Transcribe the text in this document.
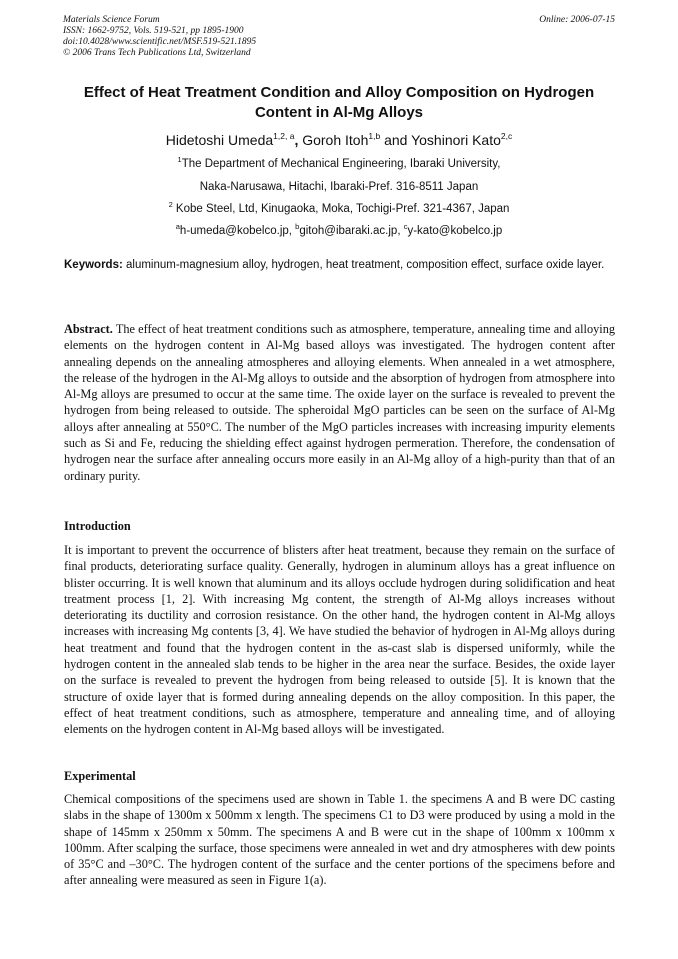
Materials Science Forum
ISSN: 1662-9752, Vols. 519-521, pp 1895-1900
doi:10.4028/www.scientific.net/MSF.519-521.1895
© 2006 Trans Tech Publications Ltd, Switzerland
Online: 2006-07-15
Effect of Heat Treatment Condition and Alloy Composition on Hydrogen Content in Al-Mg Alloys
Hidetoshi Umeda$^{1,2, a}$, Goroh Itoh$^{1,b}$ and Yoshinori Kato$^{2,c}$
$^1$The Department of Mechanical Engineering, Ibaraki University,
Naka-Narusawa, Hitachi, Ibaraki-Pref. 316-8511 Japan
$^2$ Kobe Steel, Ltd, Kinugaoka, Moka, Tochigi-Pref. 321-4367, Japan
$^a$h-umeda@kobelco.jp, $^b$gitoh@ibaraki.ac.jp, $^c$y-kato@kobelco.jp
Keywords: aluminum-magnesium alloy, hydrogen, heat treatment, composition effect, surface oxide layer.
Abstract. The effect of heat treatment conditions such as atmosphere, temperature, annealing time and alloying elements on the hydrogen content in Al-Mg based alloys was investigated. The hydrogen content after annealing depends on the annealing atmospheres and alloying elements. When annealed in a wet atmosphere, the release of the hydrogen in the Al-Mg alloys to outside and the absorption of hydrogen from atmosphere into Al-Mg alloys are presumed to occur at the same time. The oxide layer on the surface is revealed to prevent the hydrogen from being released to outside. The spheroidal MgO particles can be seen on the surface of Al-Mg alloys after annealing at 550°C. The number of the MgO particles increases with increasing impurity elements such as Si and Fe, reducing the shielding effect against hydrogen permeration. Therefore, the condensation of hydrogen near the surface after annealing occurs more easily in an Al-Mg alloy of a high-purity than that of an ordinary purity.
Introduction
It is important to prevent the occurrence of blisters after heat treatment, because they remain on the surface of final products, deteriorating surface quality. Generally, hydrogen in aluminum alloys has a great influence on blister occurring. It is well known that aluminum and its alloys occlude hydrogen during solidification and heat treatment process [1, 2]. With increasing Mg content, the strength of Al-Mg alloys increases without deteriorating its ductility and corrosion resistance. On the other hand, the hydrogen content in Al-Mg alloys increases with increasing Mg contents [3, 4]. We have studied the behavior of hydrogen in Al-Mg alloys during heat treatment and found that the hydrogen content in the as-cast slab is dispersed uniformly, while the hydrogen content in the annealed slab tends to be higher in the area near the surface. Besides, the oxide layer on the surface is revealed to prevent the hydrogen from being released to outside [5]. It is known that the structure of oxide layer that is formed during annealing depends on the alloy composition. In this paper, the effect of heat treatment conditions, such as atmosphere, temperature and annealing time, and of alloying elements on the hydrogen content in Al-Mg based alloys will be investigated.
Experimental
Chemical compositions of the specimens used are shown in Table 1. the specimens A and B were DC casting slabs in the shape of 1300m x 500mm x length. The specimens C1 to D3 were produced by using a mold in the shape of 145mm x 250mm x 50mm. The specimens A and B were cut in the shape of 100mm x 100mm x 100mm. After scalping the surface, those specimens were annealed in wet and dry atmospheres with dew points of 35°C and –30°C. The hydrogen content of the surface and the center portions of the specimens before and after annealing were measured as seen in Figure 1(a).
